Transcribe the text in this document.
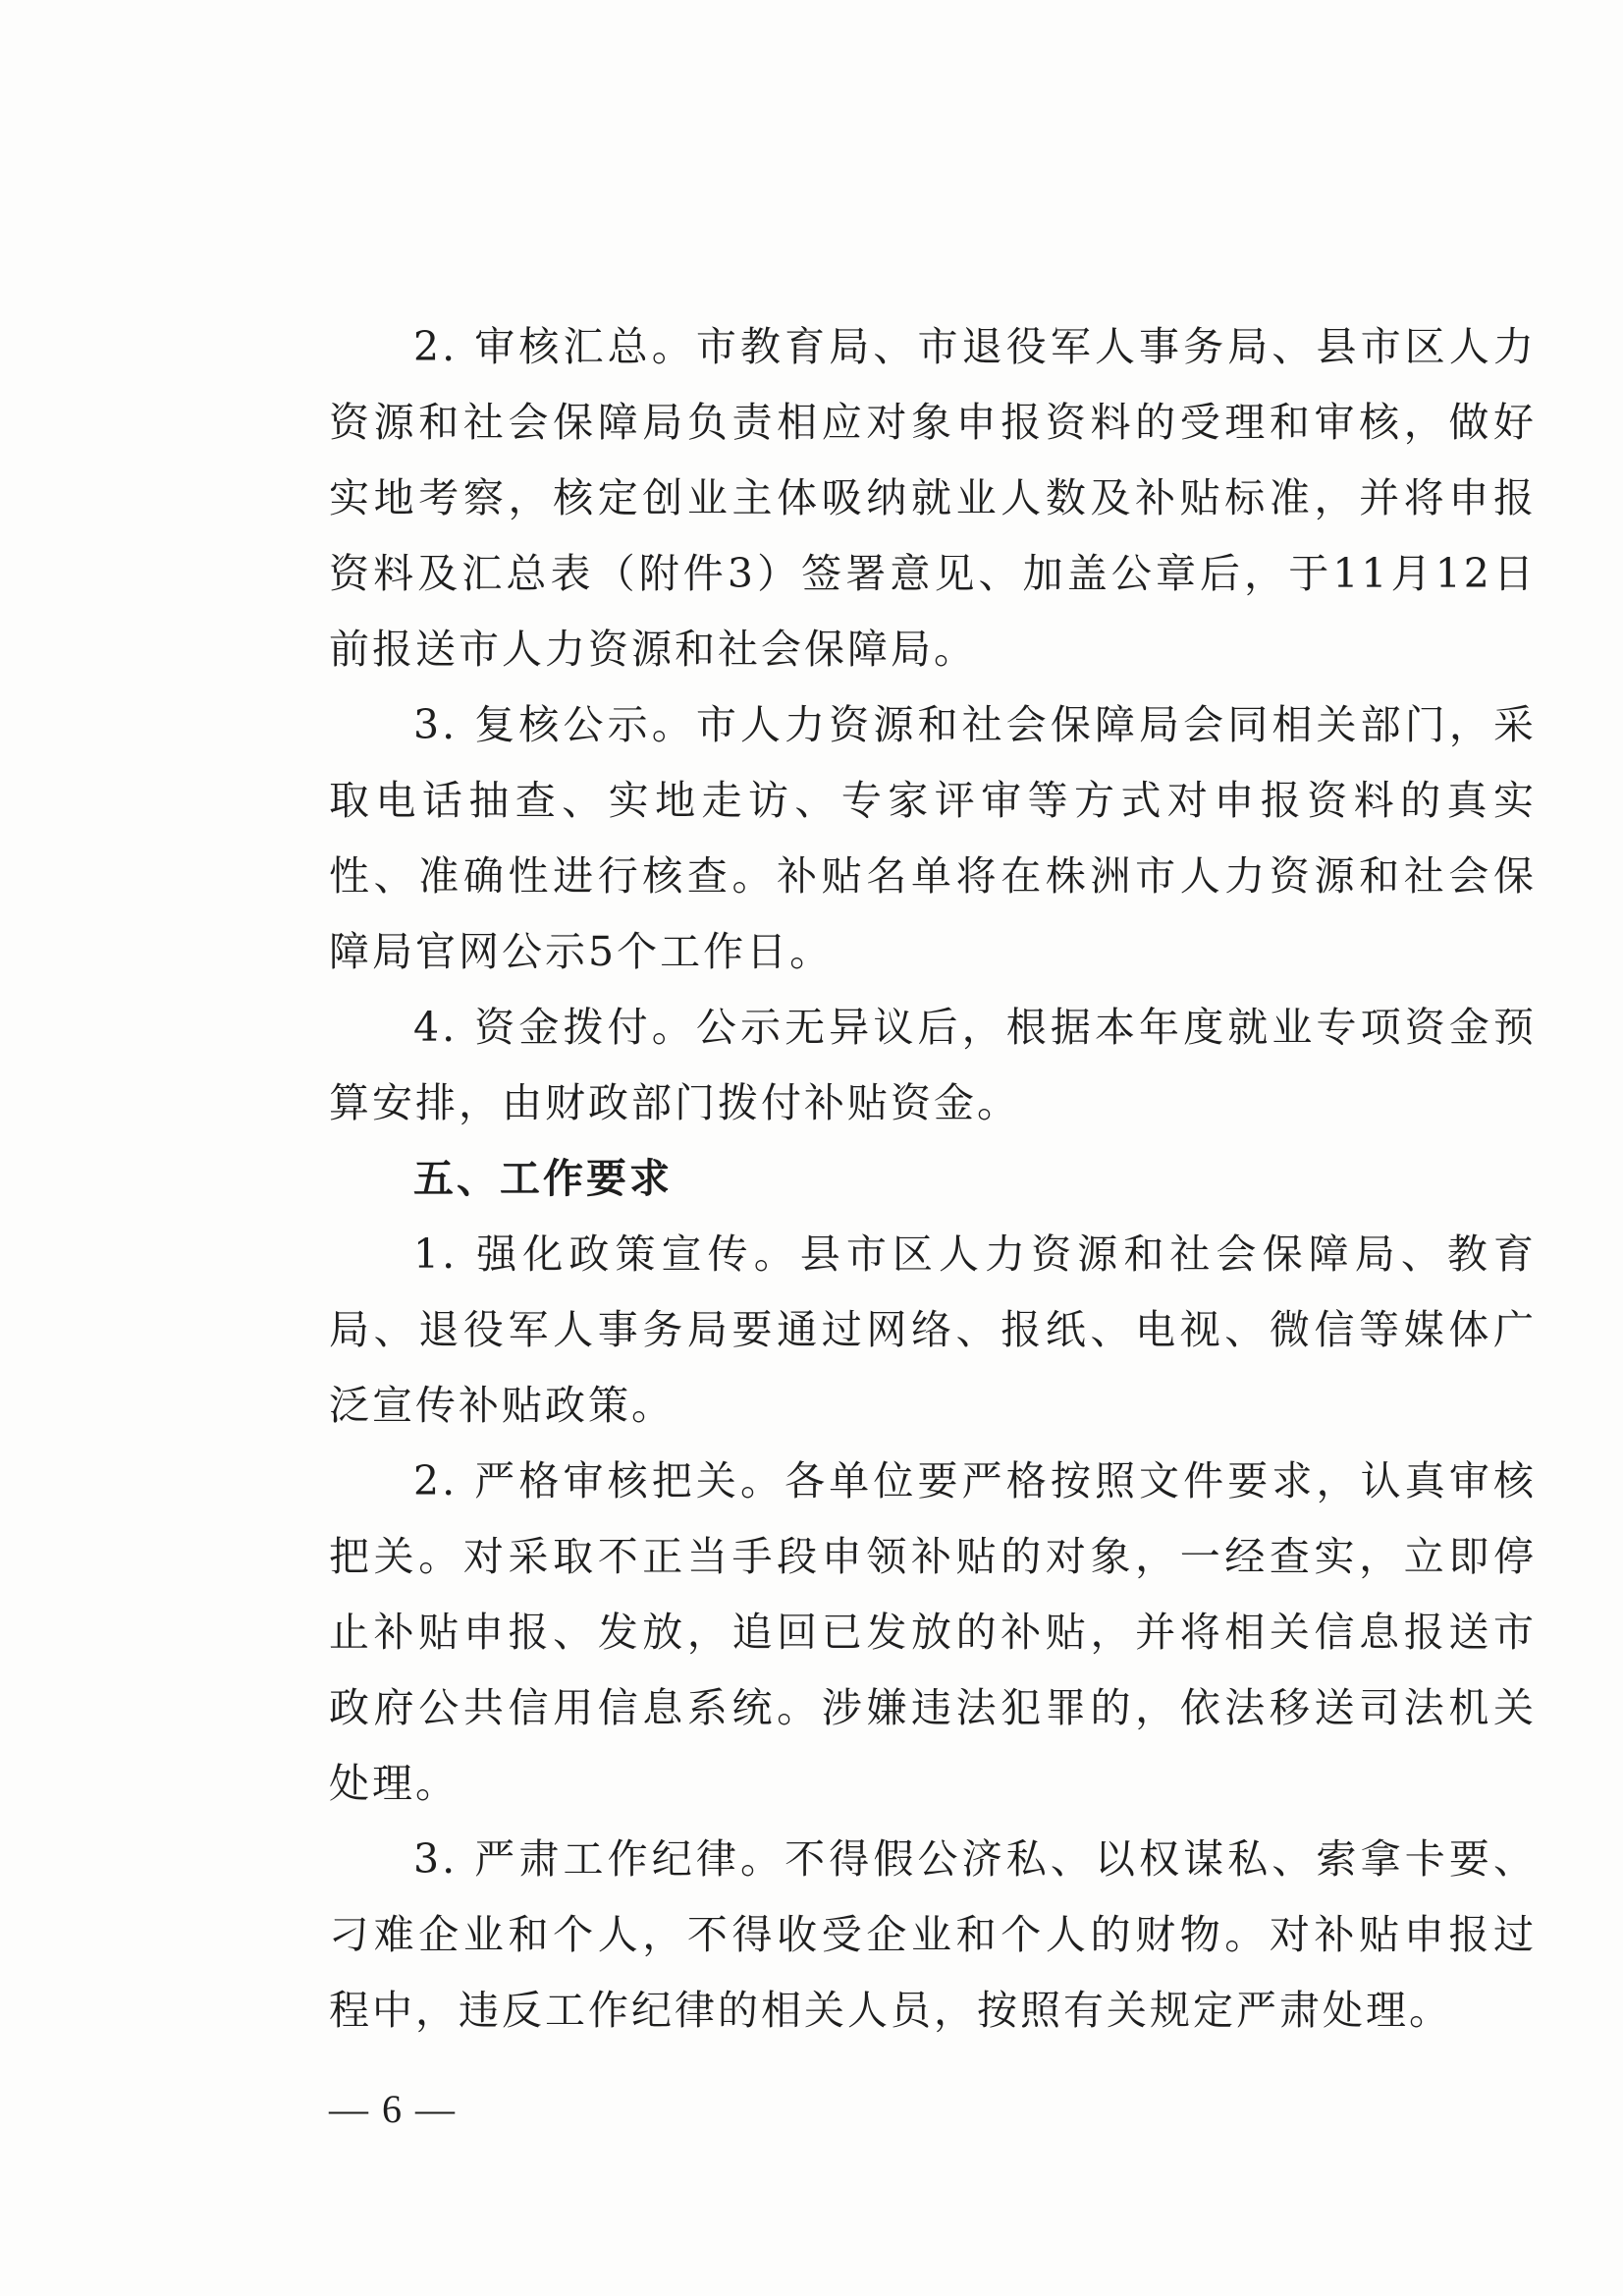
2. 审核汇总。市教育局、市退役军人事务局、县市区人力资源和社会保障局负责相应对象申报资料的受理和审核，做好实地考察，核定创业主体吸纳就业人数及补贴标准，并将申报资料及汇总表（附件3）签署意见、加盖公章后，于11月12日前报送市人力资源和社会保障局。

3. 复核公示。市人力资源和社会保障局会同相关部门，采取电话抽查、实地走访、专家评审等方式对申报资料的真实性、准确性进行核查。补贴名单将在株洲市人力资源和社会保障局官网公示5个工作日。

4. 资金拨付。公示无异议后，根据本年度就业专项资金预算安排，由财政部门拨付补贴资金。

五、工作要求

1. 强化政策宣传。县市区人力资源和社会保障局、教育局、退役军人事务局要通过网络、报纸、电视、微信等媒体广泛宣传补贴政策。

2. 严格审核把关。各单位要严格按照文件要求，认真审核把关。对采取不正当手段申领补贴的对象，一经查实，立即停止补贴申报、发放，追回已发放的补贴，并将相关信息报送市政府公共信用信息系统。涉嫌违法犯罪的，依法移送司法机关处理。

3. 严肃工作纪律。不得假公济私、以权谋私、索拿卡要、刁难企业和个人，不得收受企业和个人的财物。对补贴申报过程中，违反工作纪律的相关人员，按照有关规定严肃处理。

— 6 —
